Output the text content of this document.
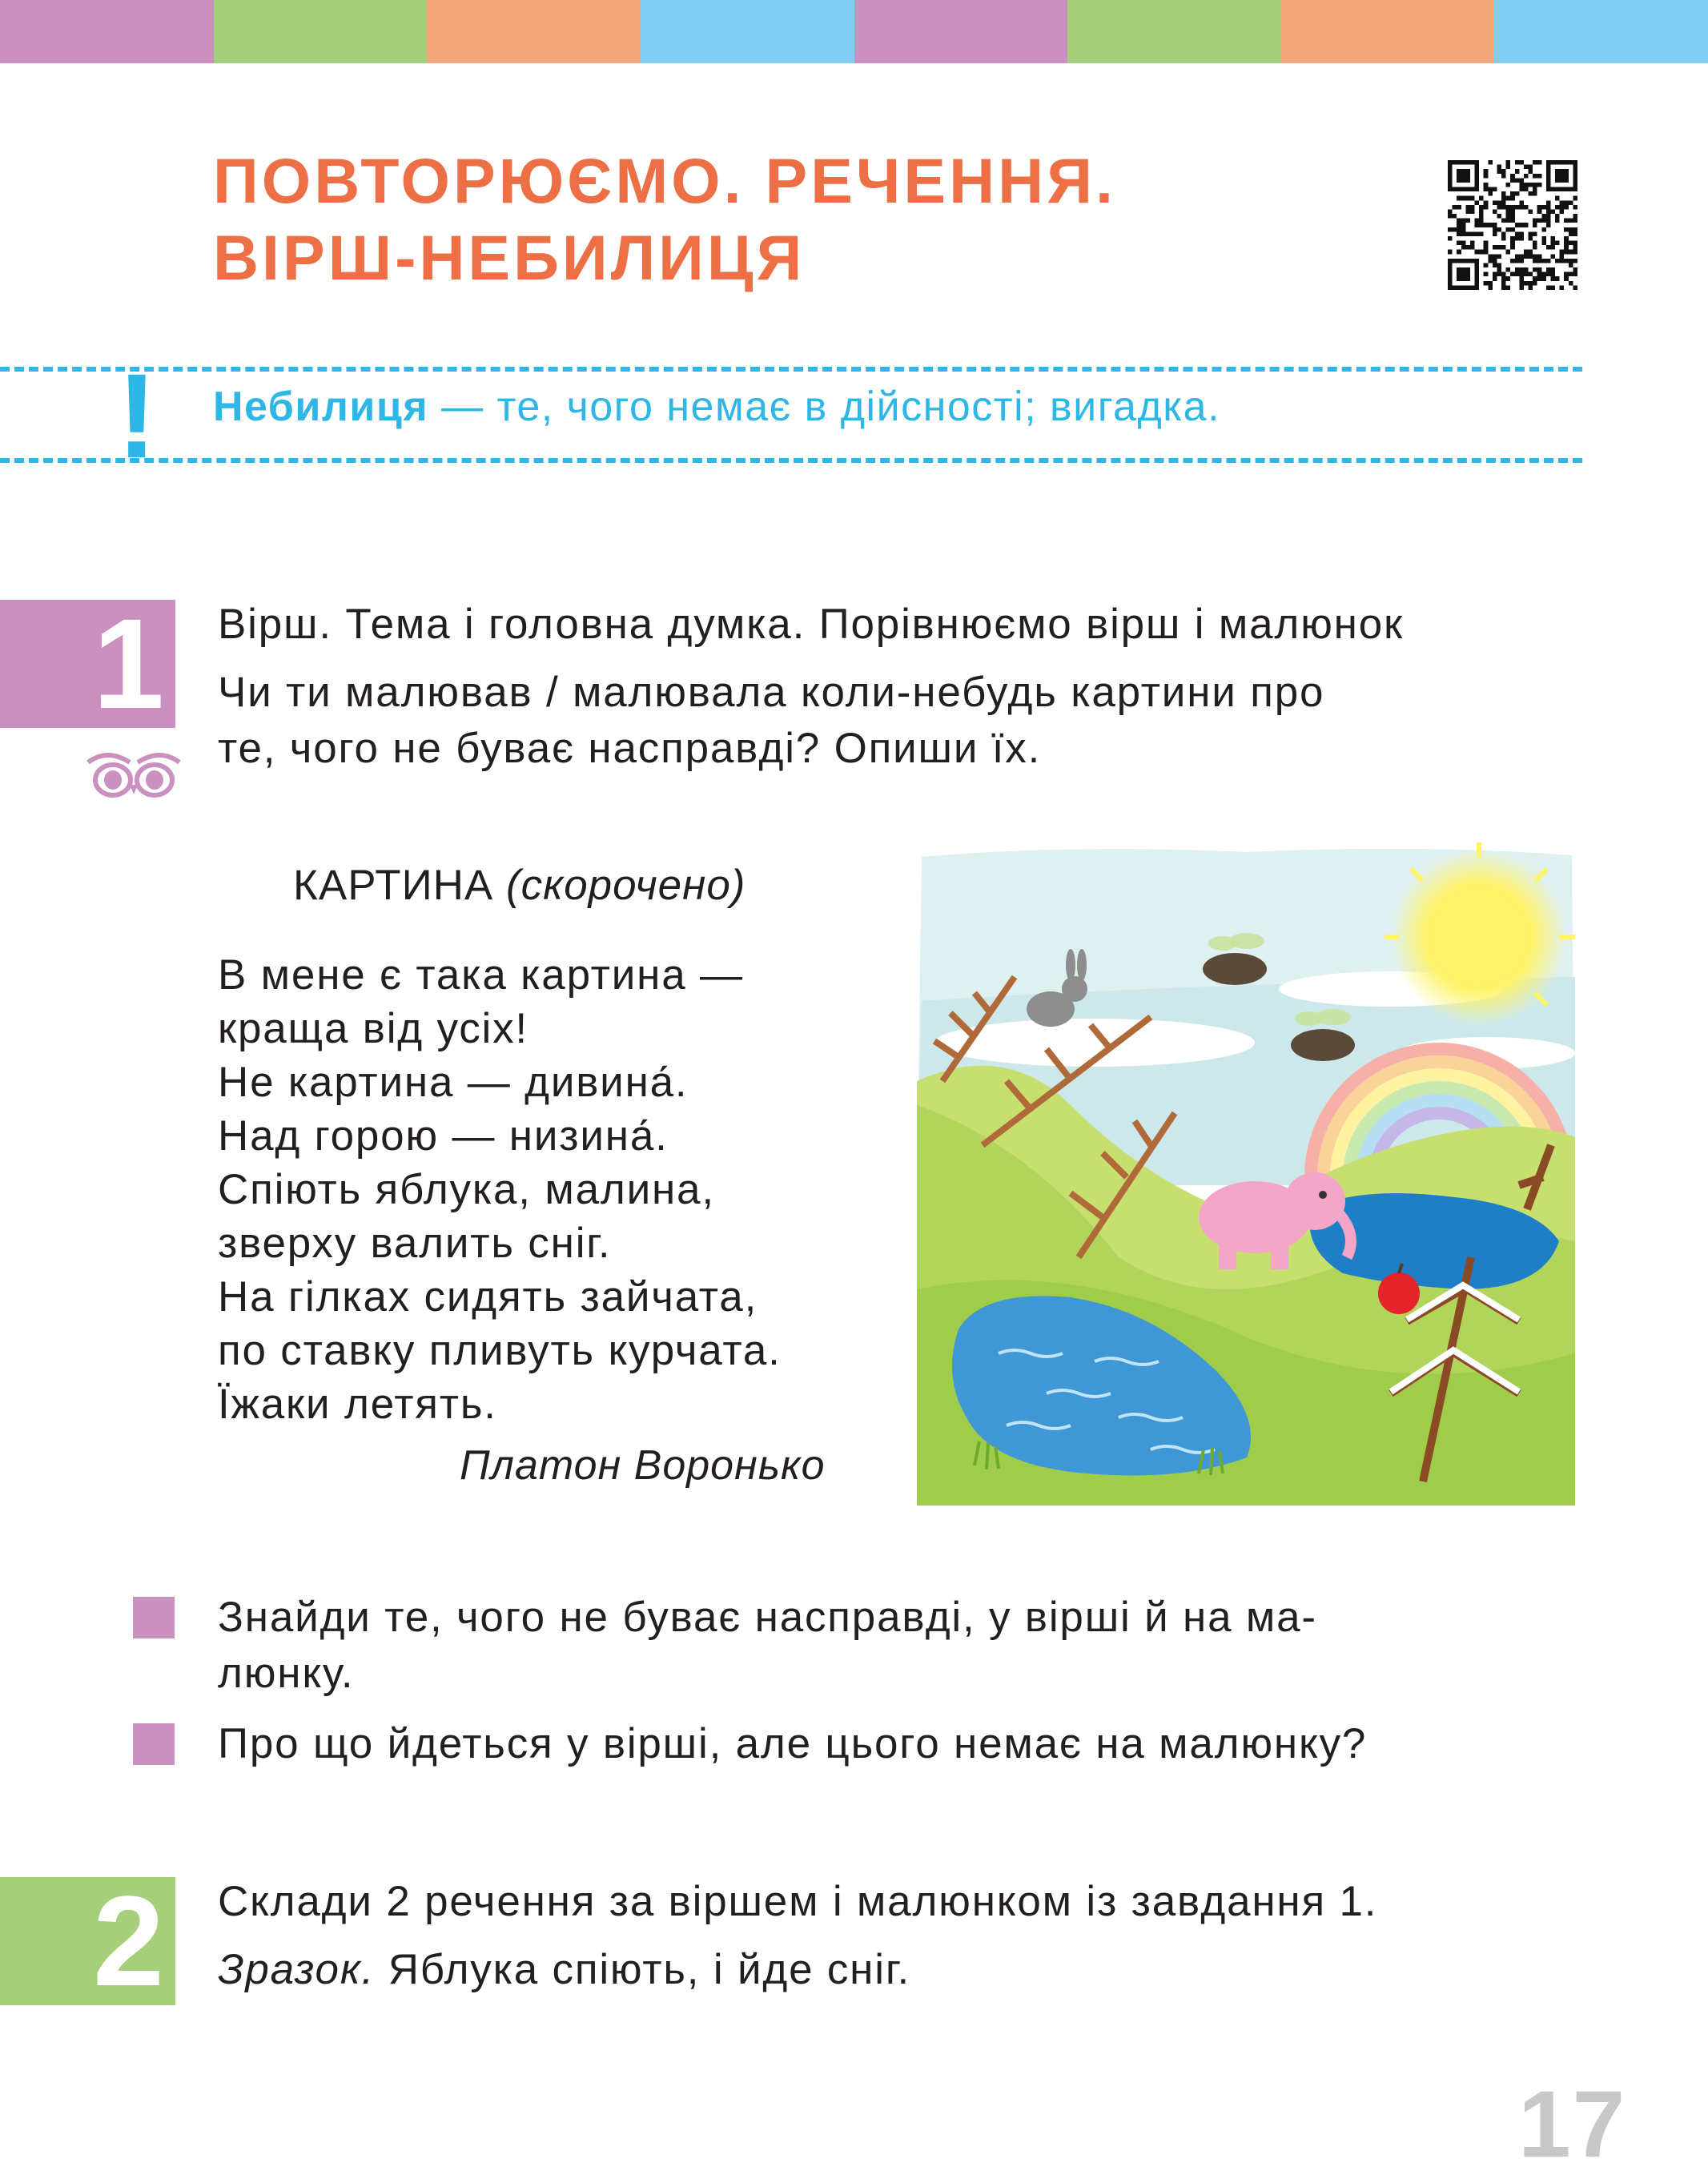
ПОВТОРЮЄМО. РЕЧЕННЯ.
ВІРШ-НЕБИЛИЦЯ
! Небилиця — те, чого немає в дійсності; вигадка.
1 Вірш. Тема і головна думка. Порівнюємо вірш і малюнок
Чи ти малював / малювала коли-небудь картини про
те, чого не буває насправді? Опиши їх.
КАРТИНА (скорочено)
В мене є така картина —
краща від усіх!
Не картина — дивина́.
Над горою — низина́.
Спіють яблука, малина,
зверху валить сніг.
На гілках сидять зайчата,
по ставку пливуть курчата.
Їжаки летять.
Платон Воронько
Знайди те, чого не буває насправді, у вірші й на ма-
люнку.
Про що йдеться у вірші, але цього немає на малюнку?
2 Склади 2 речення за віршем і малюнком із завдання 1.
Зразок. Яблука спіють, і йде сніг.
17
